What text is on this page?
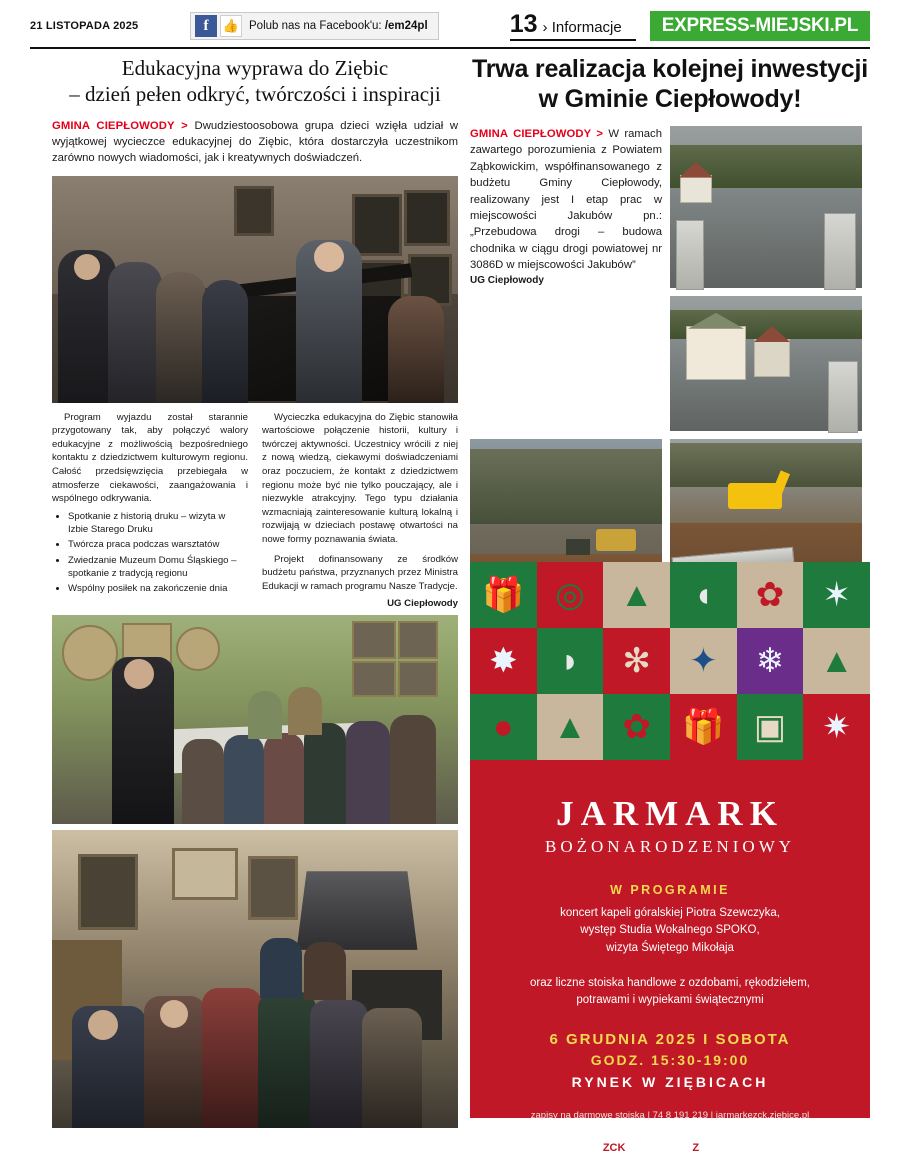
21 LISTOPADA 2025	f	👍 Polub nas na Facebook'u: /em24pl	13 › Informacje	EXPRESS-MIEJSKI.PL
Edukacyjna wyprawa do Ziębic
– dzień pełen odkryć, twórczości i inspiracji

GMINA CIEPŁOWODY > Dwudziestoosobowa grupa dzieci wzięła udział w wyjątkowej wycieczce edukacyjnej do Ziębic, która dostarczyła uczestnikom zarówno nowych wiadomości, jak i kreatywnych doświadczeń.

Program wyjazdu został starannie przygotowany tak, aby połączyć walory edukacyjne z możliwością bezpośredniego kontaktu z dziedzictwem kulturowym regionu. Całość przedsięwzięcia przebiegała w atmosferze ciekawości, zaangażowania i wspólnego odkrywania.

• Spotkanie z historią druku – wizyta w Izbie Starego Druku
• Twórcza praca podczas warsztatów
• Zwiedzanie Muzeum Domu Śląskiego – spotkanie z tradycją regionu
• Wspólny posiłek na zakończenie dnia

Wycieczka edukacyjna do Ziębic stanowiła wartościowe połączenie historii, kultury i twórczej aktywności. Uczestnicy wrócili z niej z nową wiedzą, ciekawymi doświadczeniami oraz poczuciem, że kontakt z dziedzictwem regionu może być nie tylko pouczający, ale i niezwykle atrakcyjny. Tego typu działania wzmacniają zainteresowanie kulturą lokalną i rozwijają w dzieciach postawę otwartości na nowe formy poznawania świata.

Projekt dofinansowany ze środków budżetu państwa, przyznanych przez Ministra Edukacji w ramach programu Nasze Tradycje.

UG Ciepłowody
Trwa realizacja kolejnej inwestycji
w Gminie Ciepłowody!

GMINA CIEPŁOWODY > W ramach zawartego porozumienia z Powiatem Ząbkowickim, współfinansowanego z budżetu Gminy Ciepłowody, realizowany jest I etap prac w miejscowości Jakubów pn.: „Przebudowa drogi – budowa chodnika w ciągu drogi powiatowej nr 3086D w miejscowości Jakubów”

UG Ciepłowody
🎁 ◎	▲	◖	✿	✶
✸	◗	✻	✦	❄	▲
●	▲	✿ 🎁 ▣	✷
JARMARK
BOŻONARODZENIOWY
W PROGRAMIE
koncert kapeli góralskiej Piotra Szewczyka,
występ Studia Wokalnego SPOKO,
wizyta Świętego Mikołaja
oraz liczne stoiska handlowe z ozdobami, rękodziełem,
potrawami i wypiekami świątecznymi
6 GRUDNIA 2025 I SOBOTA
GODZ. 15:30-19:00
RYNEK W ZIĘBICACH
zapisy na darmowe stoiska | 74 8 191 219 | jarmarkezck.ziebice.pl
ZCK
Ziębickie
Centrum
Kultury
Z	Gmina
Ziębice
